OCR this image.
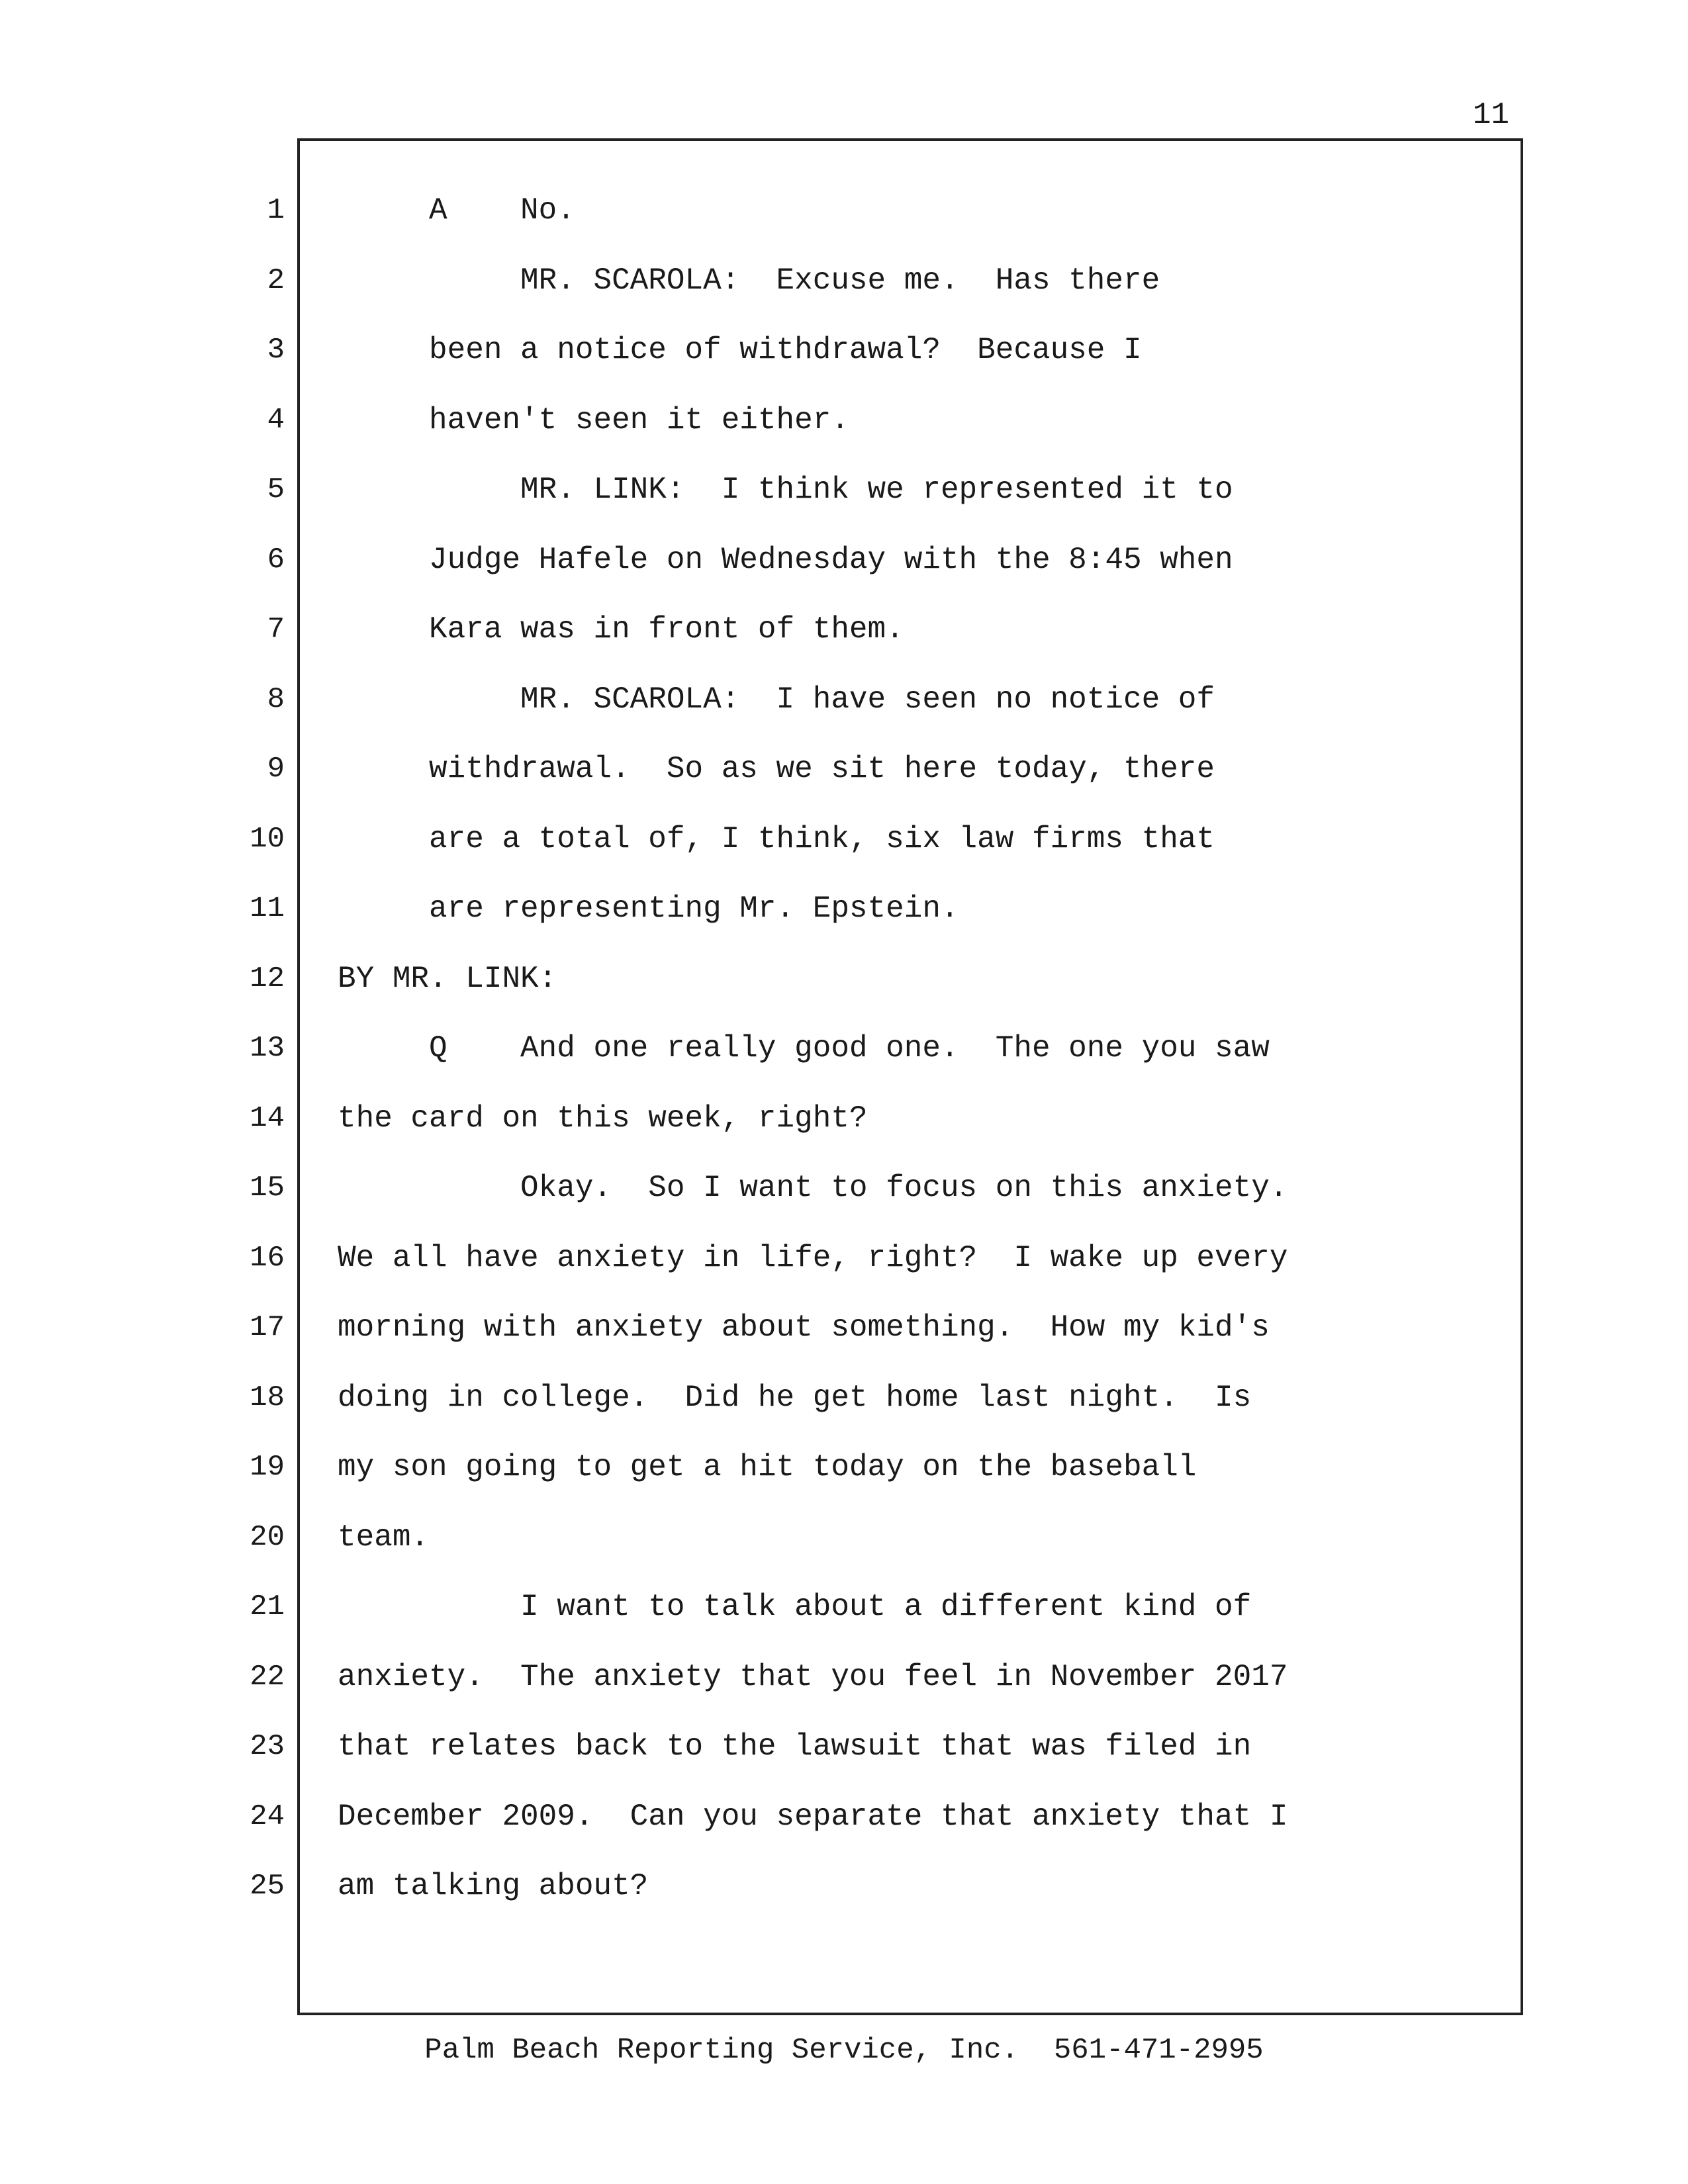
11
1
2
3
4
5
6
7
8
9
10
11
12
13
14
15
16
17
18
19
20
21
22
23
24
25
A    No.
MR. SCAROLA:  Excuse me.  Has there
been a notice of withdrawal?  Because I
haven't seen it either.
MR. LINK:  I think we represented it to
Judge Hafele on Wednesday with the 8:45 when
Kara was in front of them.
MR. SCAROLA:  I have seen no notice of
withdrawal.  So as we sit here today, there
are a total of, I think, six law firms that
are representing Mr. Epstein.
BY MR. LINK:
Q    And one really good one.  The one you saw
the card on this week, right?
Okay.  So I want to focus on this anxiety.
We all have anxiety in life, right?  I wake up every
morning with anxiety about something.  How my kid's
doing in college.  Did he get home last night.  Is
my son going to get a hit today on the baseball
team.
I want to talk about a different kind of
anxiety.  The anxiety that you feel in November 2017
that relates back to the lawsuit that was filed in
December 2009.  Can you separate that anxiety that I
am talking about?
Palm Beach Reporting Service, Inc.  561-471-2995
